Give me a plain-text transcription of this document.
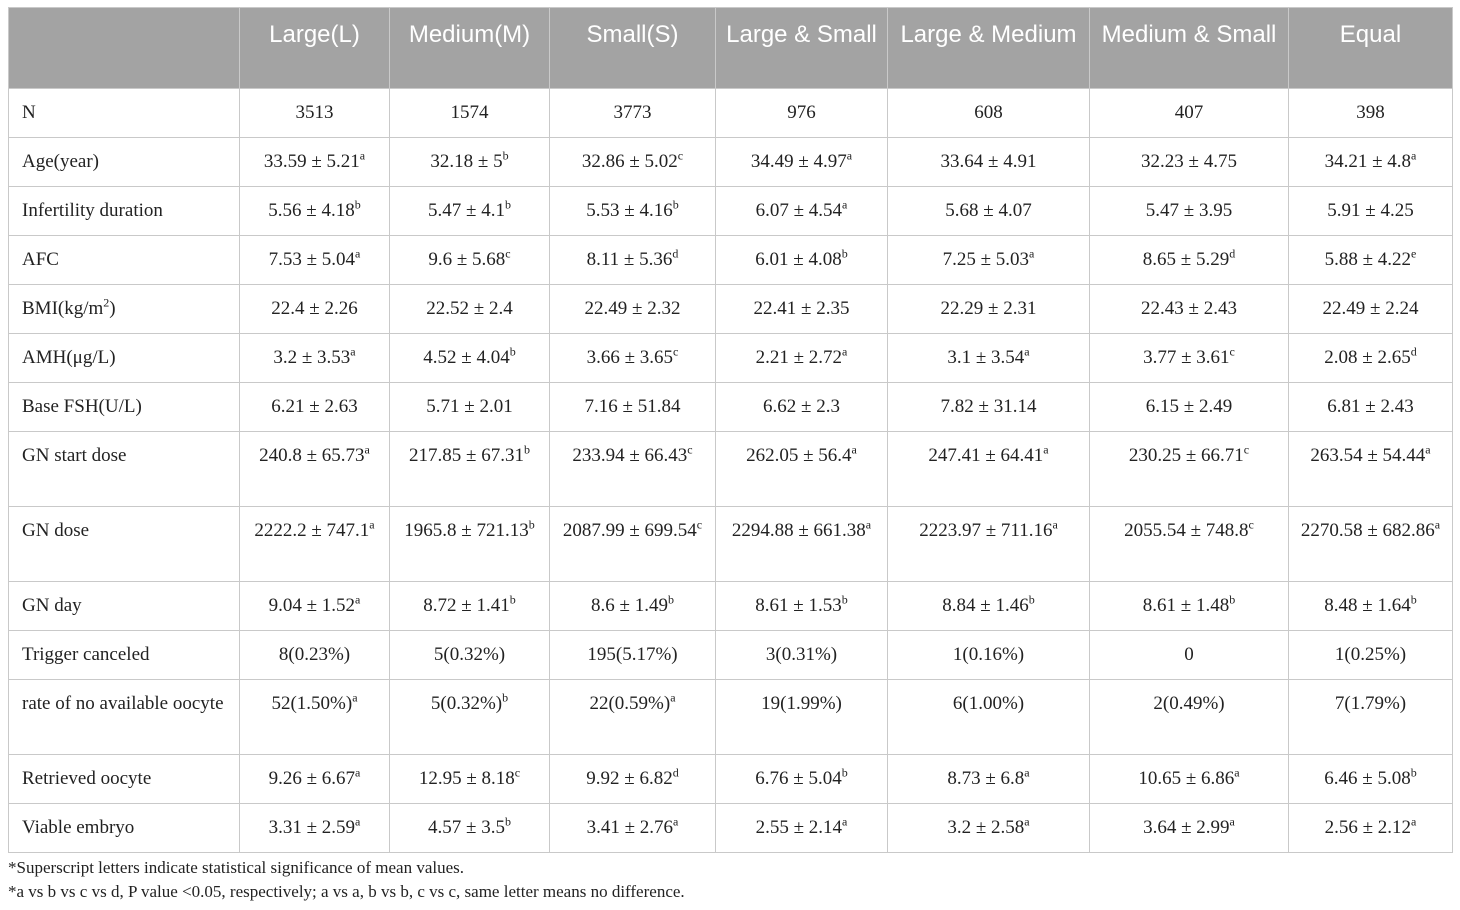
	Large(L)	Medium(M)	Small(S)	Large & Small	Large & Medium	Medium & Small	Equal
N	3513	1574	3773	976	608	407	398
Age(year)	33.59 ± 5.21$^a$	$32.18 \pm 5^b$	32.86 ± 5.02$^c$	34.49 ± 4.97$^a$	33.64 ± 4.91	32.23 ± 4.75	34.21 ± 4.8$^a$
Infertility duration	5.56 ± 4.18$^b$	5.47 ± 4.1$^b$	5.53 ± 4.16$^b$	6.07 ± 4.54$^a$	5.68 ± 4.07	5.47 ± 3.95	5.91 ± 4.25
AFC	7.53 ± 5.04$^a$	9.6 ± 5.68$^c$	8.11 ± 5.36$^d$	6.01 ± 4.08$^b$	7.25 ± 5.03$^a$	8.65 ± 5.29$^d$	5.88 ± 4.22$^e$
$BMI(kg/m^2)$	22.4 ± 2.26	22.52 ± 2.4	22.49 ± 2.32	22.41 ± 2.35	22.29 ± 2.31	22.43 ± 2.43	22.49 ± 2.24
AMH(μg/L)	3.2 ± 3.53$^a$	4.52 ± 4.04$^b$	3.66 ± 3.65$^c$	2.21 ± 2.72$^a$	3.1 ± 3.54$^a$	3.77 ± 3.61$^c$	2.08 ± 2.65$^d$
Base FSH(U/L)	6.21 ± 2.63	5.71 ± 2.01	7.16 ± 51.84	6.62 ± 2.3	7.82 ± 31.14	6.15 ± 2.49	6.81 ± 2.43
GN start dose	240.8 ± 65.73$^a$	217.85 ± 67.31$^b$	233.94 ± 66.43$^c$	262.05 ± 56.4$^a$	247.41 ± 64.41$^a$	230.25 ± 66.71$^c$	263.54 ± 54.44$^a$
GN dose	2222.2 ± 747.1$^a$	1965.8 ± 721.13$^b$	2087.99 ± 699.54$^c$	2294.88 ± 661.38$^a$	2223.97 ± 711.16$^a$	2055.54 ± 748.8$^c$	2270.58 ± 682.86$^a$
GN day	9.04 ± 1.52$^a$	8.72 ± 1.41$^b$	8.6 ± 1.49$^b$	8.61 ± 1.53$^b$	8.84 ± 1.46$^b$	8.61 ± 1.48$^b$	8.48 ± 1.64$^b$
Trigger canceled	8(0.23%)	5(0.32%)	195(5.17%)	3(0.31%)	1(0.16%)	0	1(0.25%)
rate of no available oocyte	$52(1.50\%)^a$	$5(0.32\%)^b$	$22(0.59\%)^a$	19(1.99%)	6(1.00%)	2(0.49%)	7(1.79%)
Retrieved oocyte	9.26 ± 6.67$^a$	12.95 ± 8.18$^c$	9.92 ± 6.82$^d$	6.76 ± 5.04$^b$	8.73 ± 6.8$^a$	10.65 ± 6.86$^a$	6.46 ± 5.08$^b$
Viable embryo	3.31 ± 2.59$^a$	4.57 ± 3.5$^b$	3.41 ± 2.76$^a$	2.55 ± 2.14$^a$	3.2 ± 2.58$^a$	3.64 ± 2.99$^a$	2.56 ± 2.12$^a$

*Superscript letters indicate statistical significance of mean values.

*a vs b vs c vs d, P value <0.05, respectively; a vs a, b vs b, c vs c, same letter means no difference.
